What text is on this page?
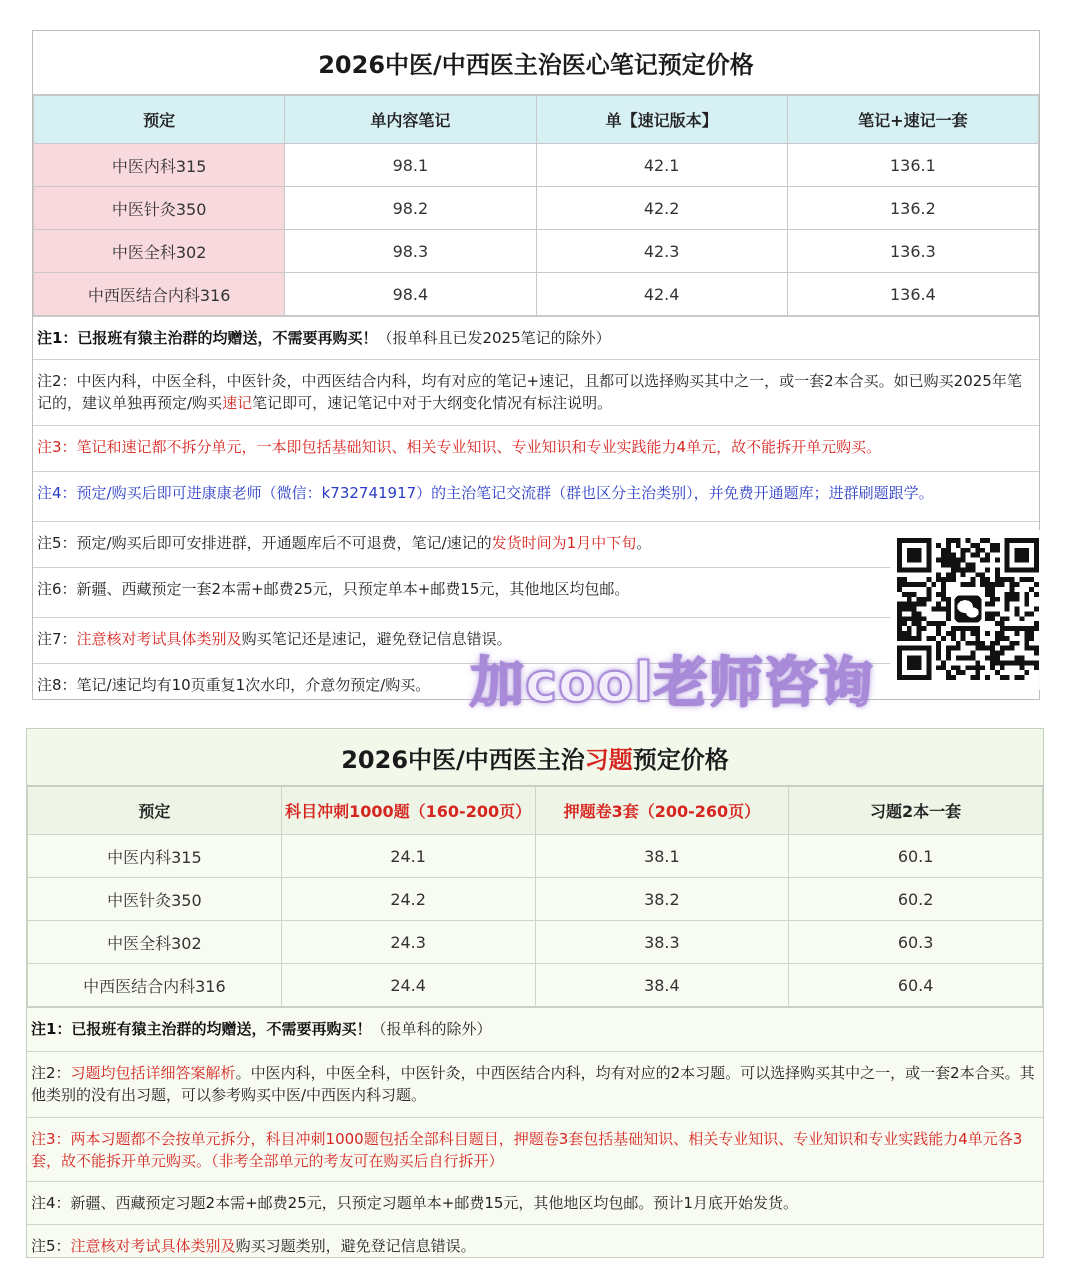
2026中医/中西医主治医心笔记预定价格
预定	单内容笔记	单【速记版本】	笔记+速记一套
中医内科315	98.1	42.1	136.1
中医针灸350	98.2	42.2	136.2
中医全科302	98.3	42.3	136.3
中西医结合内科316	98.4	42.4	136.4
注1：已报班有猿主治群的均赠送，不需要再购买！（报单科且已发2025笔记的除外）
注2：中医内科，中医全科，中医针灸，中西医结合内科，均有对应的笔记+速记，且都可以选择购买其中之一，或一套2本合买。如已购买2025年笔记的，建议单独再预定/购买速记笔记即可，速记笔记中对于大纲变化情况有标注说明。
注3：笔记和速记都不拆分单元，一本即包括基础知识、相关专业知识、专业知识和专业实践能力4单元，故不能拆开单元购买。
注4：预定/购买后即可进康康老师（微信：k732741917）的主治笔记交流群（群也区分主治类别），并免费开通题库；进群刷题跟学。
注5：预定/购买后即可安排进群，开通题库后不可退费，笔记/速记的发货时间为1月中下旬。
注6：新疆、西藏预定一套2本需+邮费25元，只预定单本+邮费15元，其他地区均包邮。
注7：注意核对考试具体类别及购买笔记还是速记，避免登记信息错误。
注8：笔记/速记均有10页重复1次水印，介意勿预定/购买。
2026中医/中西医主治 习题 预定价格
预定	科目冲刺1000题（160-200页）	押题卷3套（200-260页）	习题2本一套
中医内科315	24.1	38.1	60.1
中医针灸350	24.2	38.2	60.2
中医全科302	24.3	38.3	60.3
中西医结合内科316	24.4	38.4	60.4
注1：已报班有猿主治群的均赠送，不需要再购买！（报单科的除外）
注2：习题均包括详细答案解析。中医内科，中医全科，中医针灸，中西医结合内科，均有对应的2本习题。可以选择购买其中之一，或一套2本合买。其他类别的没有出习题，可以参考购买中医/中西医内科习题。
注3：两本习题都不会按单元拆分，科目冲刺1000题包括全部科目题目，押题卷3套包括基础知识、相关专业知识、专业知识和专业实践能力4单元各3套，故不能拆开单元购买。（非考全部单元的考友可在购买后自行拆开）
注4：新疆、西藏预定习题2本需+邮费25元，只预定习题单本+邮费15元，其他地区均包邮。预计1月底开始发货。
注5：注意核对考试具体类别及购买习题类别，避免登记信息错误。
加cool老师咨询
